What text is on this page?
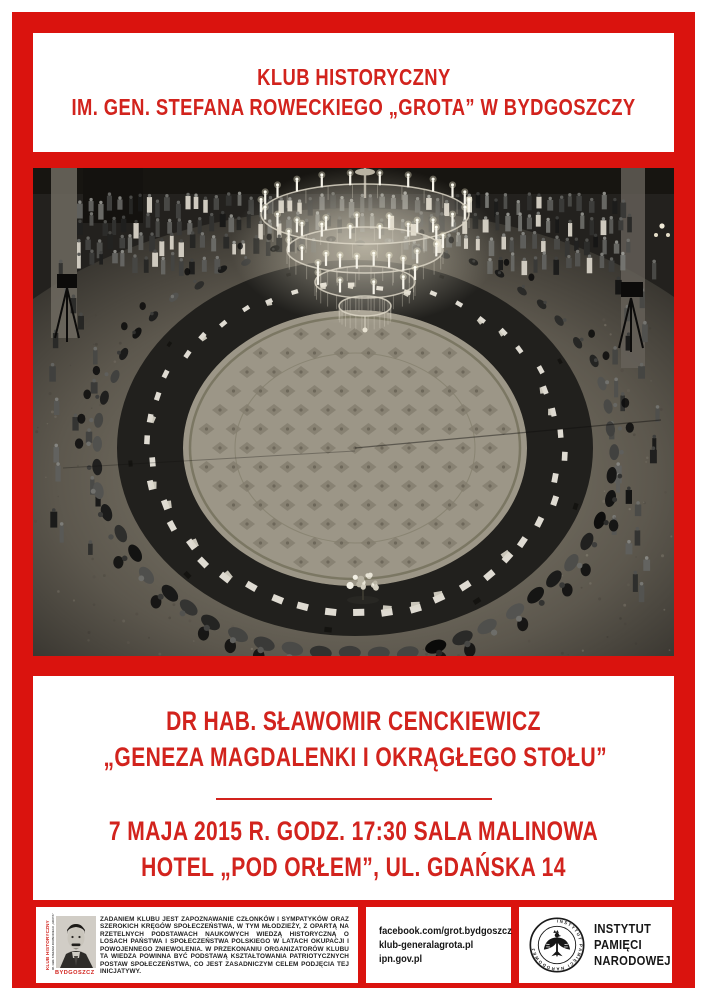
KLUB HISTORYCZNY
IM. GEN. STEFANA ROWECKIEGO „GROTA” W BYDGOSZCZY
DR HAB. SŁAWOMIR CENCKIEWICZ
„GENEZA MAGDALENKI I OKRĄGŁEGO STOŁU”
7 MAJA 2015 R. GODZ. 17:30 SALA MALINOWA
HOTEL „POD ORŁEM”, UL. GDAŃSKA 14
KLUB HISTORYCZNY IM. GEN. STEFANA ROWECKIEGO „GROTA”
BYDGOSZCZ
ZADANIEM KLUBU JEST ZAPOZNAWANIE CZŁONKÓW I SYMPATYKÓW ORAZ SZEROKICH KRĘGÓW SPOŁECZEŃSTWA, W TYM MŁODZIEŻY, Z OPARTĄ NA RZETELNYCH PODSTAWACH NAUKOWYCH WIEDZĄ HISTORYCZNĄ O LOSACH PAŃSTWA I SPOŁECZEŃSTWA POLSKIEGO W LATACH OKUPACJI I POWOJENNEGO ZNIEWOLENIA. W PRZEKONANIU ORGANIZATORÓW KLUBU TA WIEDZA POWINNA BYĆ PODSTAWĄ KSZTAŁTOWANIA PATRIOTYCZNYCH POSTAW SPOŁECZEŃSTWA, CO JEST ZASADNICZYM CELEM PODJĘCIA TEJ INICJATYWY.
facebook.com/grot.bydgoszcz
klub-generalagrota.pl
ipn.gov.pl
INSTYTUT PAMIĘCI NARODOWEJ
INSTYTUT
PAMIĘCI
NARODOWEJ
